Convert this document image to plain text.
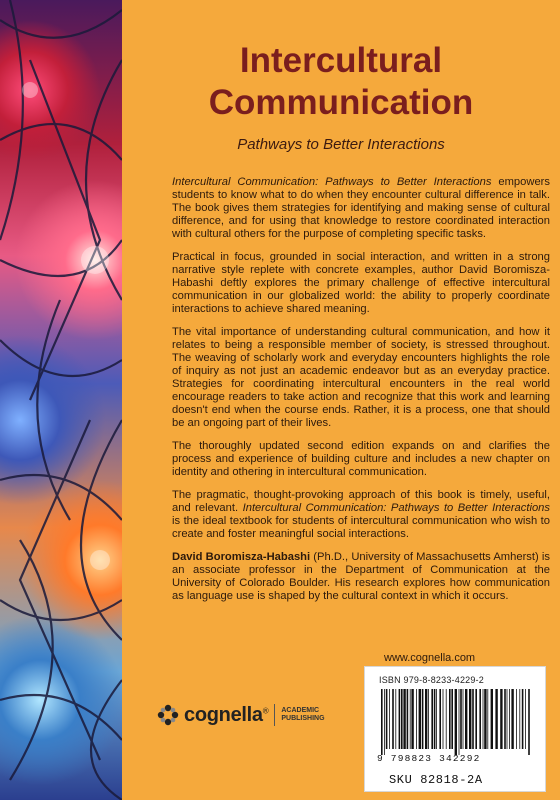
Intercultural
Communication
Pathways to Better Interactions

Intercultural Communication: Pathways to Better Interactions empowers students to know what to do when they encounter cultural difference in talk. The book gives them strategies for identifying and making sense of cultural difference, and for using that knowledge to restore coordinated interaction with cultural others for the purpose of completing specific tasks.

Practical in focus, grounded in social interaction, and written in a strong narrative style replete with concrete examples, author David Boromisza-Habashi deftly explores the primary challenge of effective intercultural communication in our globalized world: the ability to properly coordinate interactions to achieve shared meaning.

The vital importance of understanding cultural communication, and how it relates to being a responsible member of society, is stressed throughout. The weaving of scholarly work and everyday encounters highlights the role of inquiry as not just an academic endeavor but as an everyday practice. Strategies for coordinating intercultural encounters in the real world encourage readers to take action and recognize that this work and learning doesn't end when the course ends. Rather, it is a process, one that should be an ongoing part of their lives.

The thoroughly updated second edition expands on and clarifies the process and experience of building culture and includes a new chapter on identity and othering in intercultural communication.

The pragmatic, thought-provoking approach of this book is timely, useful, and relevant. Intercultural Communication: Pathways to Better Interactions is the ideal textbook for students of intercultural communication who wish to create and foster meaningful social interactions.

David Boromisza-Habashi (Ph.D., University of Massachusetts Amherst) is an associate professor in the Department of Communication at the University of Colorado Boulder. His research explores how communication as language use is shaped by the cultural context in which it occurs.

www.cognella.com
cognella® ACADEMIC
PUBLISHING
ISBN 979-8-8233-4229-2
9 798823 342292
SKU 82818-2A
